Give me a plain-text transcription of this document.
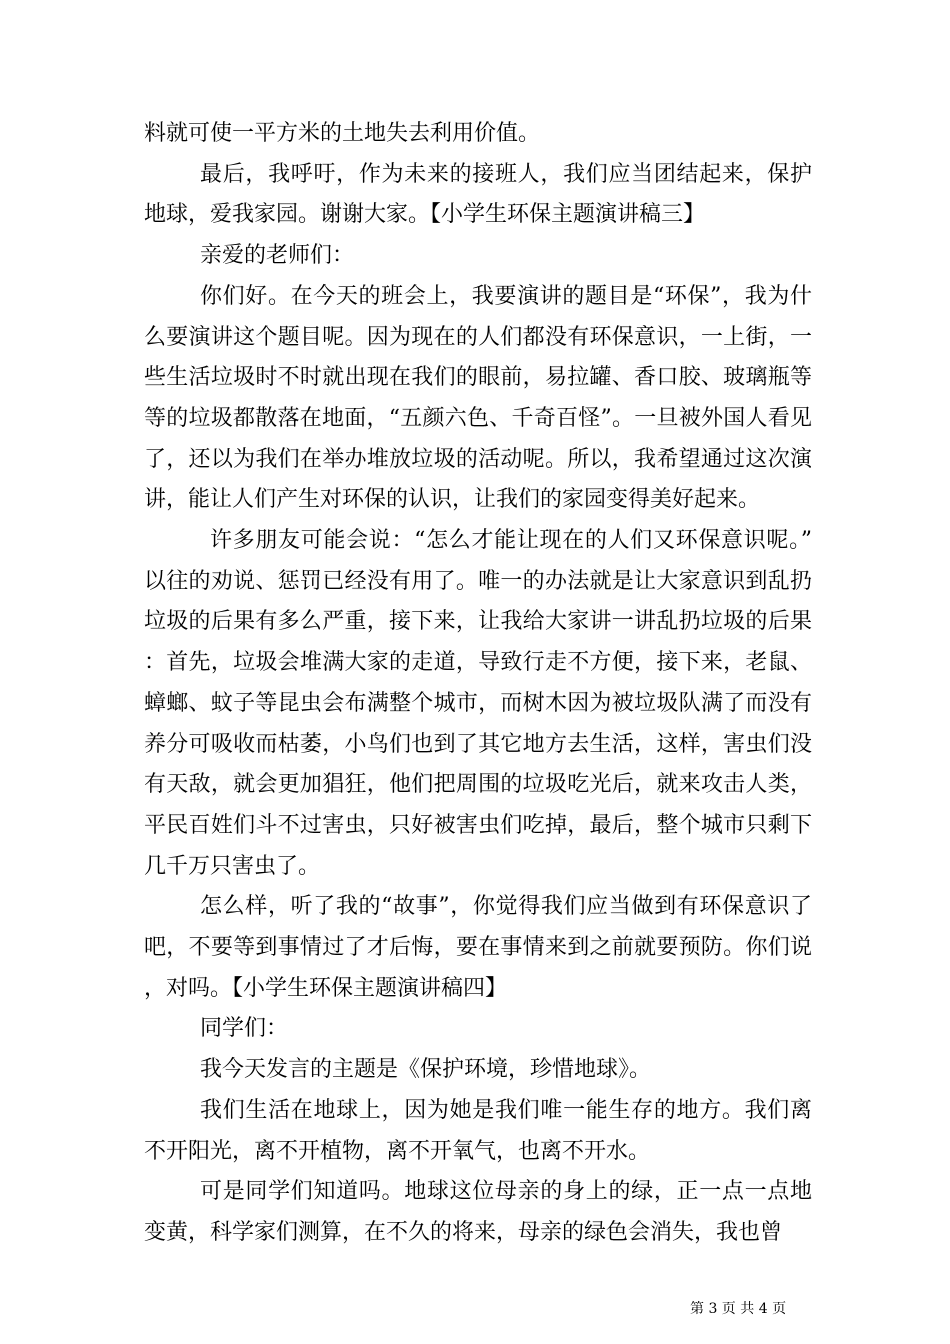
料就可使一平方米的土地失去利用价值。

最后，我呼吁，作为未来的接班人，我们应当团结起来，保护地球，爱我家园。谢谢大家。【小学生环保主题演讲稿三】

亲爱的老师们：

你们好。在今天的班会上，我要演讲的题目是“环保”，我为什么要演讲这个题目呢。因为现在的人们都没有环保意识，一上街，一些生活垃圾时不时就出现在我们的眼前，易拉罐、香口胶、玻璃瓶等等的垃圾都散落在地面，“五颜六色、千奇百怪”。一旦被外国人看见了，还以为我们在举办堆放垃圾的活动呢。所以，我希望通过这次演讲，能让人们产生对环保的认识，让我们的家园变得美好起来。

许多朋友可能会说：“怎么才能让现在的人们又环保意识呢。”以往的劝说、惩罚已经没有用了。唯一的办法就是让大家意识到乱扔垃圾的后果有多么严重，接下来，让我给大家讲一讲乱扔垃圾的后果：首先，垃圾会堆满大家的走道，导致行走不方便，接下来，老鼠、蟑螂、蚊子等昆虫会布满整个城市，而树木因为被垃圾队满了而没有养分可吸收而枯萎，小鸟们也到了其它地方去生活，这样，害虫们没有天敌，就会更加猖狂，他们把周围的垃圾吃光后，就来攻击人类，平民百姓们斗不过害虫，只好被害虫们吃掉，最后，整个城市只剩下几千万只害虫了。

怎么样，听了我的“故事”，你觉得我们应当做到有环保意识了吧，不要等到事情过了才后悔，要在事情来到之前就要预防。你们说，对吗。【小学生环保主题演讲稿四】

同学们：

我今天发言的主题是《保护环境，珍惜地球》。

我们生活在地球上，因为她是我们唯一能生存的地方。我们离不开阳光，离不开植物，离不开氧气，也离不开水。

可是同学们知道吗。地球这位母亲的身上的绿，正一点一点地变黄，科学家们测算，在不久的将来，母亲的绿色会消失，我也曾

第 3 页 共 4 页
